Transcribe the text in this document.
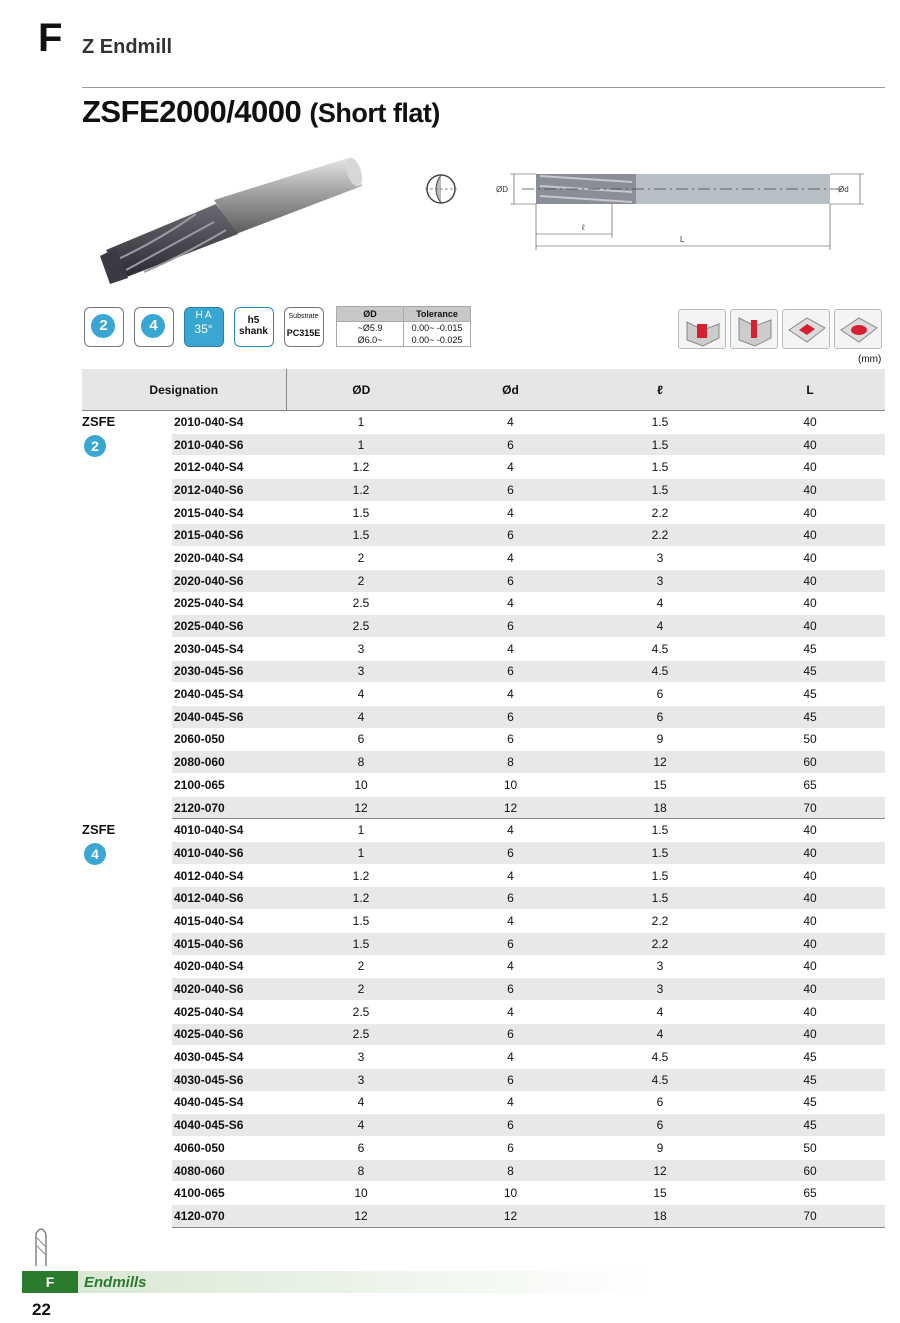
F Z Endmill
ZSFE2000/4000 (Short flat)
ØD	Ød
ℓ
L
2	4
H A
35°
h5
shank
Substrate
PC315E
ØD	Tolerance
~Ø5.9	0.00~ -0.015
Ø6.0~	0.00~ -0.025
(mm)
Designation		ØD	Ød	ℓ	L

ZSFE
2	2010-040-S4	1	4	1.5	40
	2010-040-S6	1	6	1.5	40
	2012-040-S4	1.2	4	1.5	40
	2012-040-S6	1.2	6	1.5	40
	2015-040-S4	1.5	4	2.2	40
	2015-040-S6	1.5	6	2.2	40
	2020-040-S4	2	4	3	40
	2020-040-S6	2	6	3	40
	2025-040-S4	2.5	4	4	40
	2025-040-S6	2.5	6	4	40
	2030-045-S4	3	4	4.5	45
	2030-045-S6	3	6	4.5	45
	2040-045-S4	4	4	6	45
	2040-045-S6	4	6	6	45
	2060-050	6	6	9	50
	2080-060	8	8	12	60
	2100-065	10	10	15	65
	2120-070	12	12	18	70

ZSFE
4	4010-040-S4	1	4	1.5	40
	4010-040-S6	1	6	1.5	40
	4012-040-S4	1.2	4	1.5	40
	4012-040-S6	1.2	6	1.5	40
	4015-040-S4	1.5	4	2.2	40
	4015-040-S6	1.5	6	2.2	40
	4020-040-S4	2	4	3	40
	4020-040-S6	2	6	3	40
	4025-040-S4	2.5	4	4	40
	4025-040-S6	2.5	6	4	40
	4030-045-S4	3	4	4.5	45
	4030-045-S6	3	6	4.5	45
	4040-045-S4	4	4	6	45
	4040-045-S6	4	6	6	45
	4060-050	6	6	9	50
	4080-060	8	8	12	60
	4100-065	10	10	15	65
	4120-070	12	12	18	70
F	Endmills
22
